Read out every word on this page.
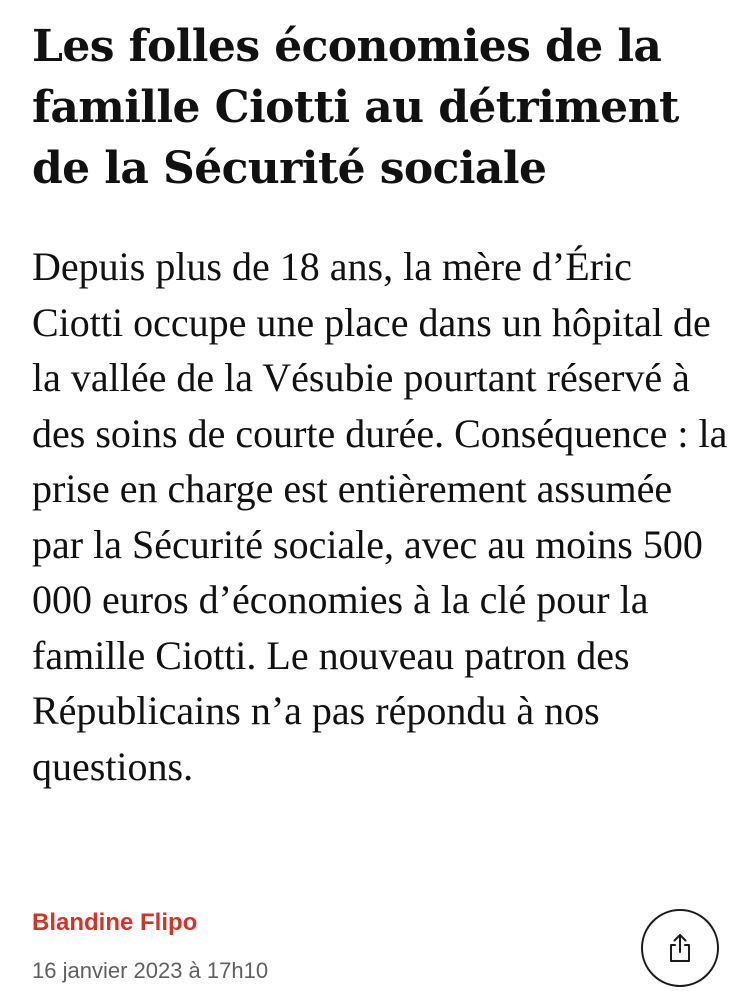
Les folles économies de la famille Ciotti au détriment de la Sécurité sociale

Depuis plus de 18 ans, la mère d’Éric Ciotti occupe une place dans un hôpital de la vallée de la Vésubie pourtant réservé à des soins de courte durée. Conséquence : la prise en charge est entièrement assumée par la Sécurité sociale, avec au moins 500 000 euros d’économies à la clé pour la famille Ciotti. Le nouveau patron des Républicains n’a pas répondu à nos questions.

Blandine Flipo
16 janvier 2023 à 17h10
